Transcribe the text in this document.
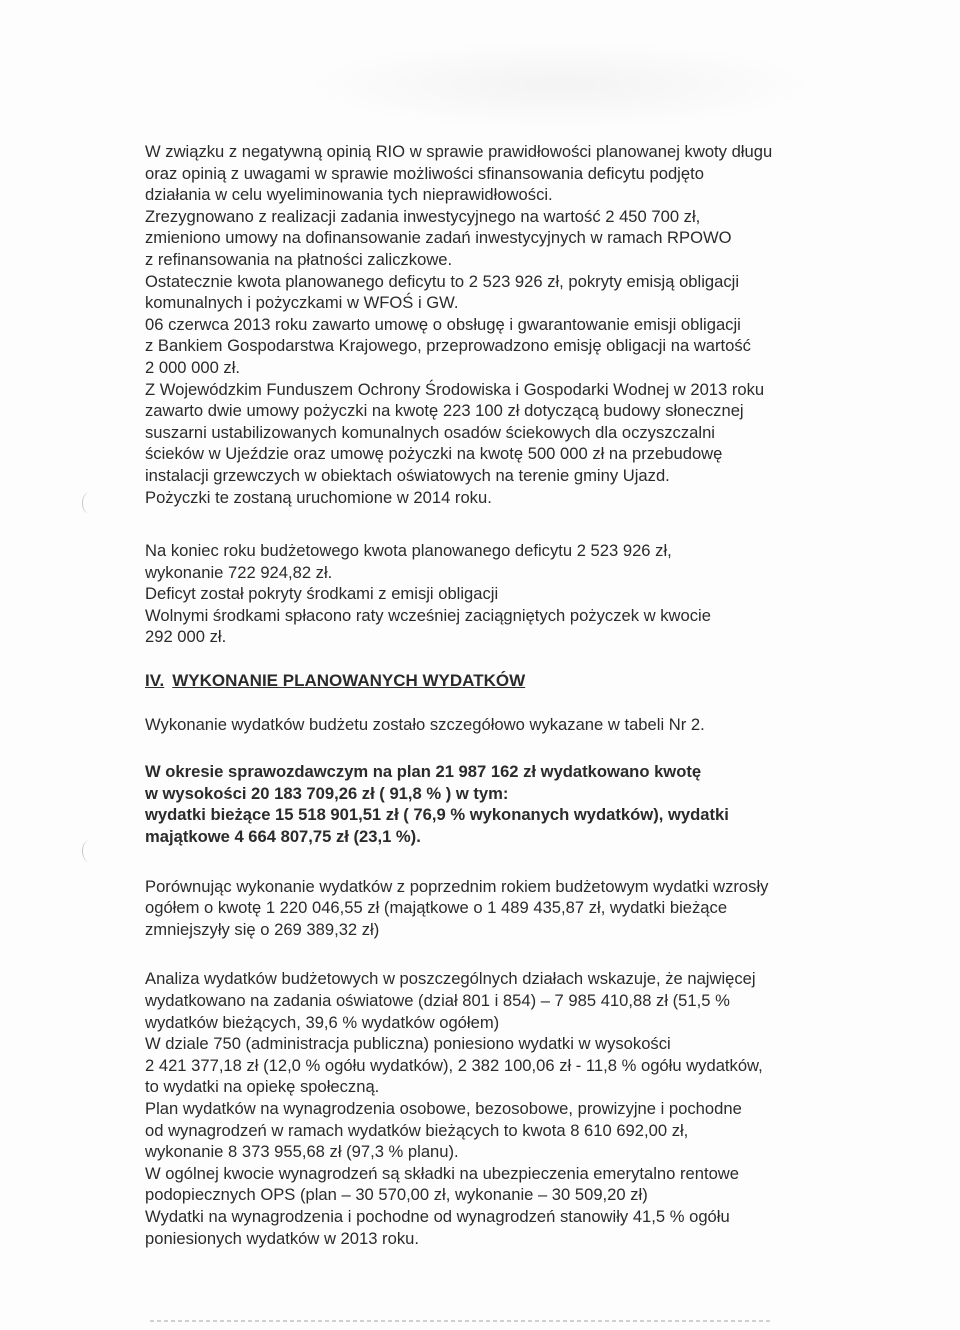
W związku z negatywną opinią RIO w sprawie prawidłowości planowanej kwoty długu
oraz opinią z uwagami w sprawie możliwości sfinansowania deficytu podjęto
działania w celu wyeliminowania tych nieprawidłowości.
Zrezygnowano z realizacji zadania inwestycyjnego na wartość 2 450 700 zł,
zmieniono umowy na dofinansowanie zadań inwestycyjnych w ramach RPOWO
z refinansowania na płatności zaliczkowe.
Ostatecznie kwota planowanego deficytu to 2 523 926 zł, pokryty emisją obligacji
komunalnych i pożyczkami w WFOŚ i GW.
06 czerwca 2013 roku zawarto umowę o obsługę i gwarantowanie emisji obligacji
z Bankiem Gospodarstwa Krajowego, przeprowadzono emisję obligacji na wartość
2 000 000 zł.
Z Wojewódzkim Funduszem Ochrony Środowiska i Gospodarki Wodnej w 2013 roku
zawarto dwie umowy pożyczki na kwotę 223 100 zł dotyczącą budowy słonecznej
suszarni ustabilizowanych komunalnych osadów ściekowych dla oczyszczalni
ścieków w Ujeździe oraz umowę pożyczki na kwotę 500 000 zł na przebudowę
instalacji grzewczych w obiektach oświatowych na terenie gminy Ujazd.
Pożyczki te zostaną uruchomione w 2014 roku.
Na koniec roku budżetowego kwota planowanego deficytu 2 523 926 zł,
wykonanie 722 924,82 zł.
Deficyt został pokryty środkami z emisji obligacji
Wolnymi środkami spłacono raty wcześniej zaciągniętych pożyczek w kwocie
292 000 zł.
IV. WYKONANIE PLANOWANYCH WYDATKÓW
Wykonanie wydatków budżetu zostało szczegółowo wykazane w tabeli Nr 2.
W okresie sprawozdawczym na plan 21 987 162 zł wydatkowano kwotę
w wysokości 20 183 709,26 zł ( 91,8 % ) w tym:
wydatki bieżące 15 518 901,51 zł ( 76,9 % wykonanych wydatków), wydatki
majątkowe 4 664 807,75 zł (23,1 %).
Porównując wykonanie wydatków z poprzednim rokiem budżetowym wydatki wzrosły
ogółem o kwotę 1 220 046,55 zł (majątkowe o 1 489 435,87 zł, wydatki bieżące
zmniejszyły się o 269 389,32 zł)
Analiza wydatków budżetowych w poszczególnych działach wskazuje, że najwięcej
wydatkowano na zadania oświatowe (dział 801 i 854) – 7 985 410,88 zł (51,5 %
wydatków bieżących, 39,6 % wydatków ogółem)
W dziale 750 (administracja publiczna) poniesiono wydatki w wysokości
2 421 377,18 zł (12,0 % ogółu wydatków), 2 382 100,06 zł - 11,8 % ogółu wydatków,
to wydatki na opiekę społeczną.
Plan wydatków na wynagrodzenia osobowe, bezosobowe, prowizyjne i pochodne
od wynagrodzeń w ramach wydatków bieżących to kwota 8 610 692,00 zł,
wykonanie 8 373 955,68 zł (97,3 % planu).
W ogólnej kwocie wynagrodzeń są składki na ubezpieczenia emerytalno rentowe
podopiecznych OPS (plan – 30 570,00 zł, wykonanie – 30 509,20 zł)
Wydatki na wynagrodzenia i pochodne od wynagrodzeń stanowiły 41,5 % ogółu
poniesionych wydatków w 2013 roku.
